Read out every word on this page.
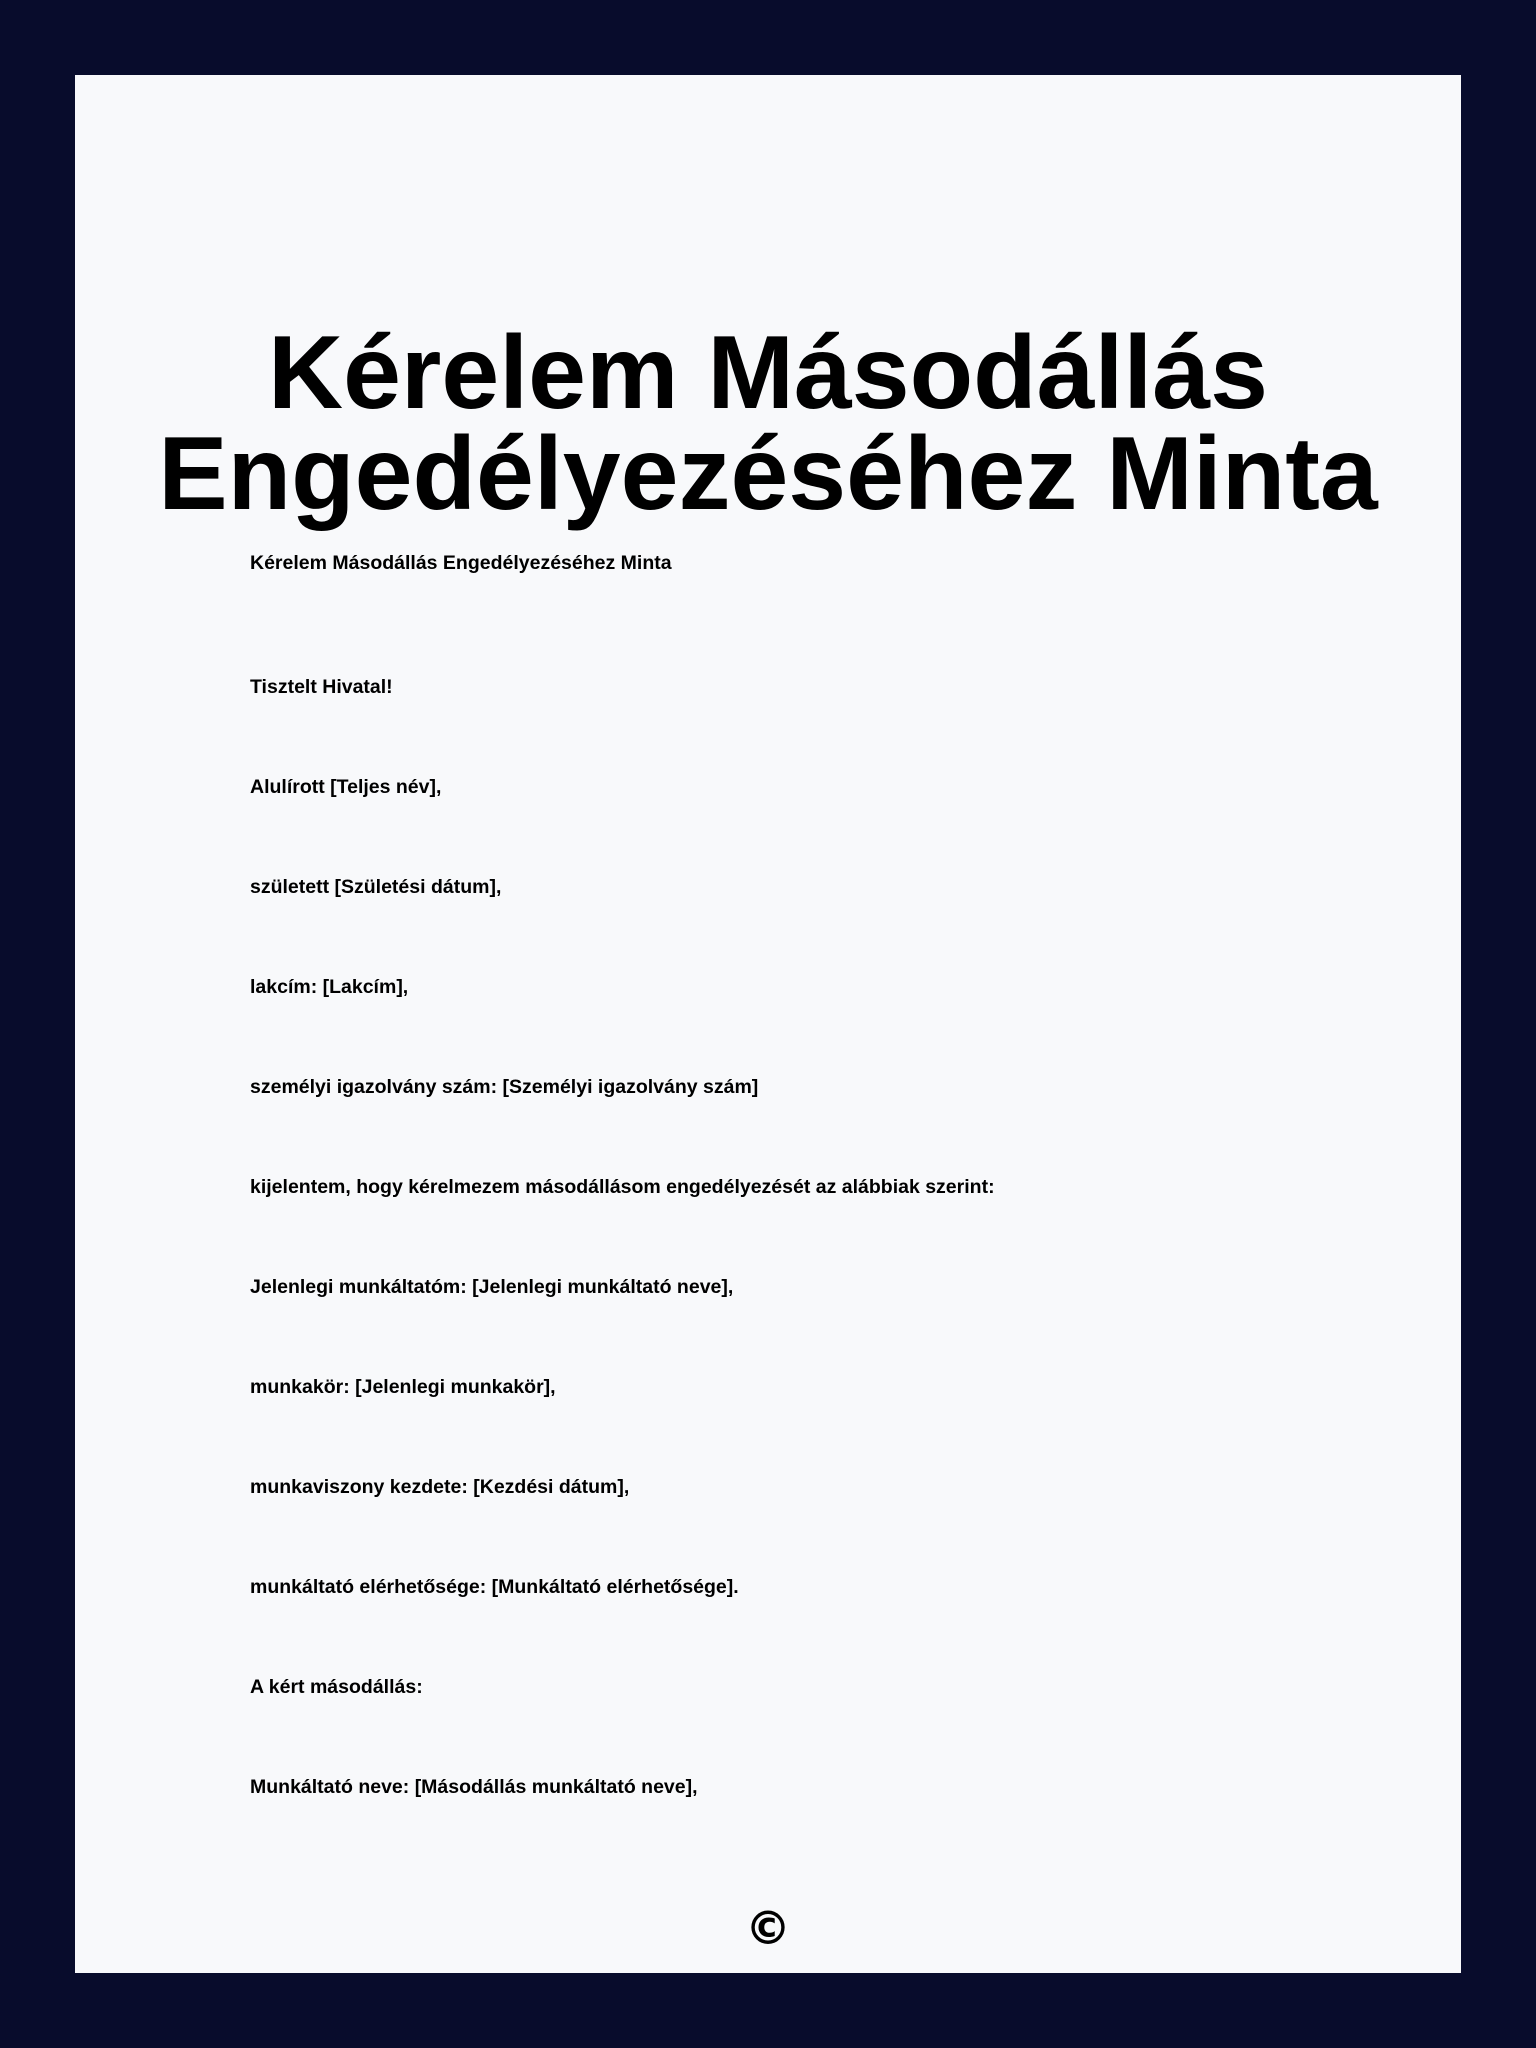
Kérelem Másodállás
Engedélyezéséhez Minta

Kérelem Másodállás Engedélyezéséhez Minta

Tisztelt Hivatal!

Alulírott [Teljes név],

született [Születési dátum],

lakcím: [Lakcím],

személyi igazolvány szám: [Személyi igazolvány szám]

kijelentem, hogy kérelmezem másodállásom engedélyezését az alábbiak szerint:

Jelenlegi munkáltatóm: [Jelenlegi munkáltató neve],

munkakör: [Jelenlegi munkakör],

munkaviszony kezdete: [Kezdési dátum],

munkáltató elérhetősége: [Munkáltató elérhetősége].

A kért másodállás:

Munkáltató neve: [Másodállás munkáltató neve],

©
